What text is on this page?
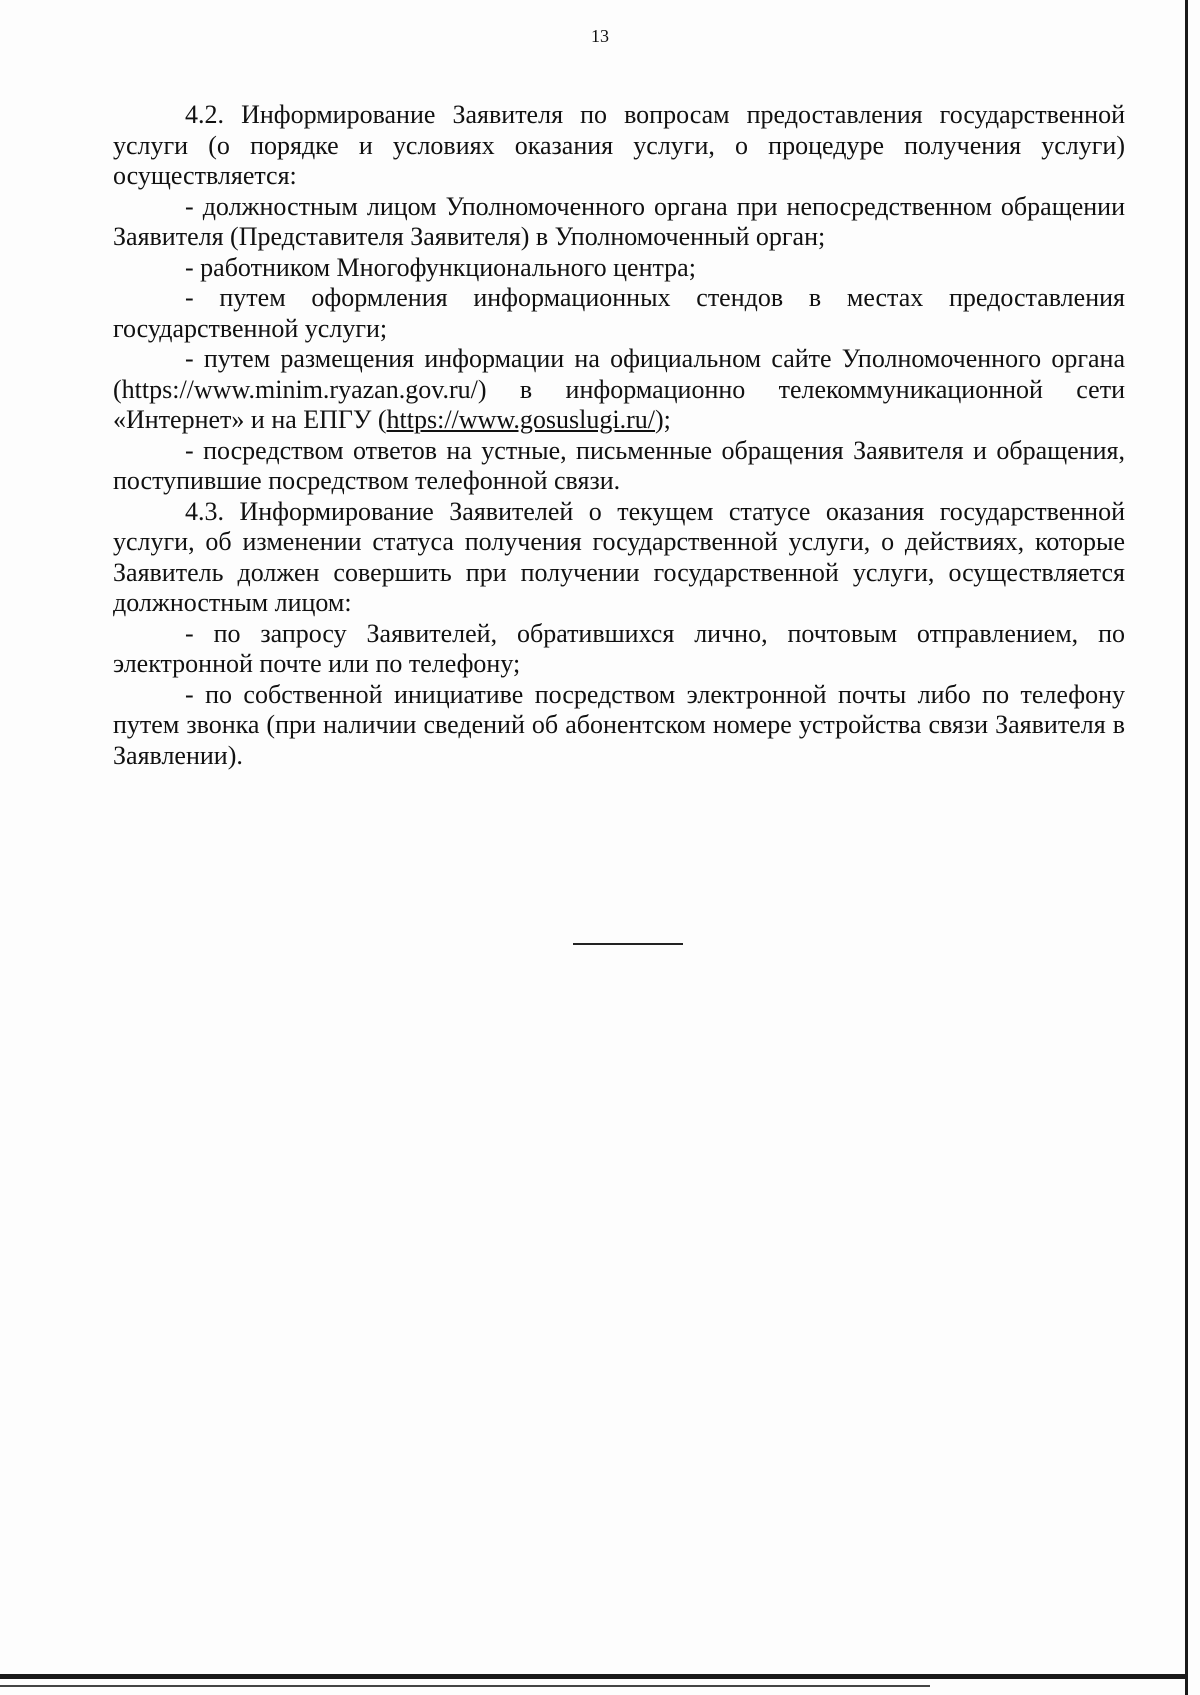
13

4.2. Информирование Заявителя по вопросам предоставления государственной услуги (о порядке и условиях оказания услуги, о процедуре получения услуги) осуществляется:

- должностным лицом Уполномоченного органа при непосредственном обращении Заявителя (Представителя Заявителя) в Уполномоченный орган;

- работником Многофункционального центра;

- путем оформления информационных стендов в местах предоставления государственной услуги;

- путем размещения информации на официальном сайте Уполномоченного органа (https://www.minim.ryazan.gov.ru/) в информационно телекоммуникационной сети «Интернет» и на ЕПГУ (https://www.gosuslugi.ru/);

- посредством ответов на устные, письменные обращения Заявителя и обращения, поступившие посредством телефонной связи.

4.3. Информирование Заявителей о текущем статусе оказания государственной услуги, об изменении статуса получения государственной услуги, о действиях, которые Заявитель должен совершить при получении государственной услуги, осуществляется должностным лицом:

- по запросу Заявителей, обратившихся лично, почтовым отправлением, по электронной почте или по телефону;

- по собственной инициативе посредством электронной почты либо по телефону путем звонка (при наличии сведений об абонентском номере устройства связи Заявителя в Заявлении).
